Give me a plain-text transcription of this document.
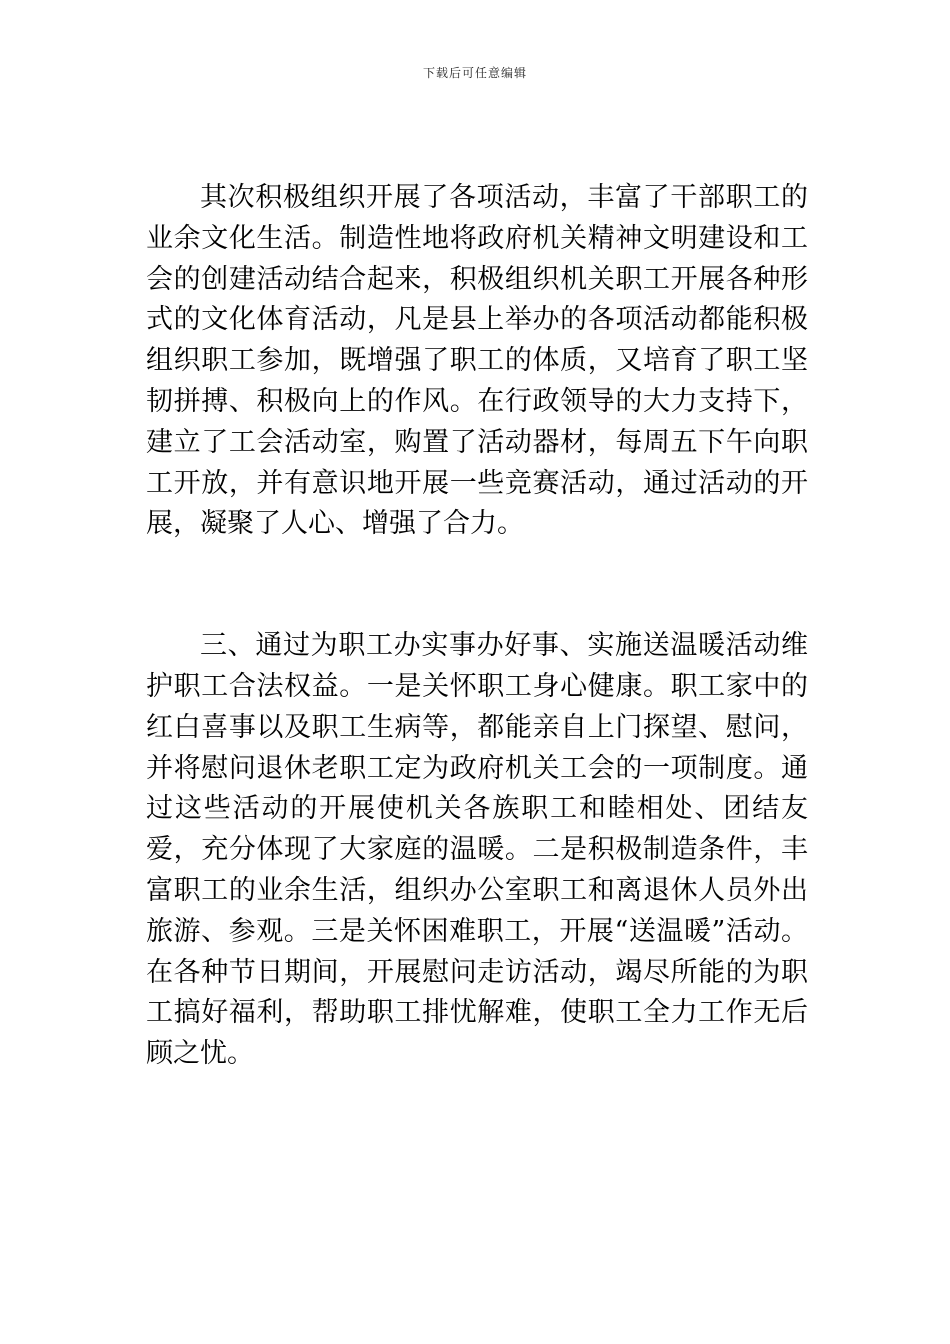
下载后可任意编辑

其次积极组织开展了各项活动，丰富了干部职工的业余文化生活。制造性地将政府机关精神文明建设和工会的创建活动结合起来，积极组织机关职工开展各种形式的文化体育活动，凡是县上举办的各项活动都能积极组织职工参加，既增强了职工的体质，又培育了职工坚韧拼搏、积极向上的作风。在行政领导的大力支持下，建立了工会活动室，购置了活动器材，每周五下午向职工开放，并有意识地开展一些竞赛活动，通过活动的开展，凝聚了人心、增强了合力。

三、通过为职工办实事办好事、实施送温暖活动维护职工合法权益。一是关怀职工身心健康。职工家中的红白喜事以及职工生病等，都能亲自上门探望、慰问，并将慰问退休老职工定为政府机关工会的一项制度。通过这些活动的开展使机关各族职工和睦相处、团结友爱，充分体现了大家庭的温暖。二是积极制造条件，丰富职工的业余生活，组织办公室职工和离退休人员外出旅游、参观。三是关怀困难职工，开展“送温暖”活动。在各种节日期间，开展慰问走访活动，竭尽所能的为职工搞好福利，帮助职工排忧解难，使职工全力工作无后顾之忧。
